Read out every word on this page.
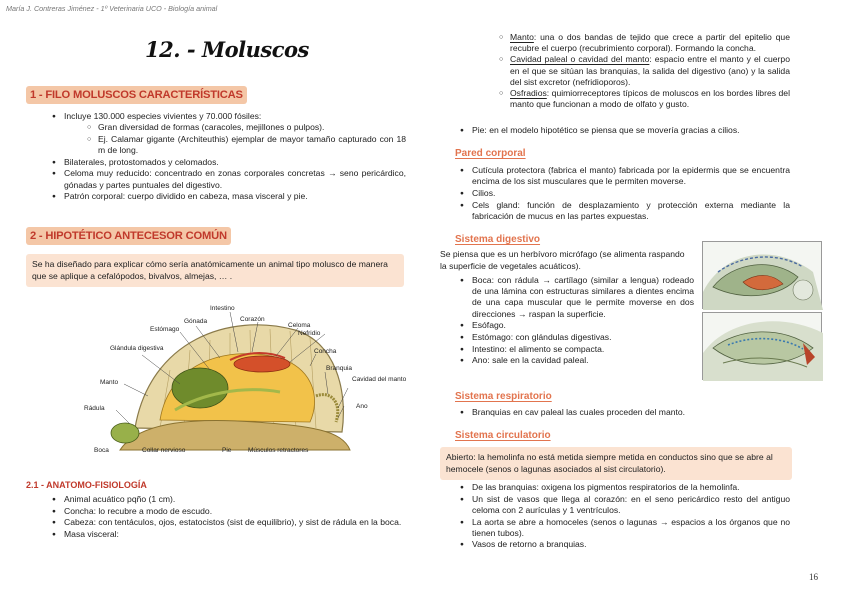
María J. Contreras Jiménez - 1º Veterinaria UCO - Biología animal
12. - Moluscos
1 - FILO MOLUSCOS CARACTERÍSTICAS
● Incluye 130.000 especies vivientes y 70.000 fósiles:
○ Gran diversidad de formas (caracoles, mejillones o pulpos).
○ Ej. Calamar gigante (Architeuthis) ejemplar de mayor tamaño capturado con 18 m de long.
● Bilaterales, protostomados y celomados.
● Celoma muy reducido: concentrado en zonas corporales concretas → seno pericárdico, gónadas y partes puntuales del digestivo.
● Patrón corporal: cuerpo dividido en cabeza, masa visceral y pie.
2 - HIPOTÉTICO ANTECESOR COMÚN
Se ha diseñado para explicar cómo sería anatómicamente un animal tipo molusco de manera que se aplique a cefalópodos, bivalvos, almejas, … .
Intestino
Gónada	Corazón
Celoma
Nefridio
Estómago
Glándula digestiva	Concha
Branquia
Manto	Cavidad del manto
Ano
Rádula
Boca	Collar nervioso	Pie	Músculos retractores
2.1 - ANATOMO-FISIOLOGÍA
● Animal acuático pqño (1 cm).
● Concha: lo recubre a modo de escudo.
● Cabeza: con tentáculos, ojos, estatocistos (sist de equilibrio), y sist de rádula en la boca.
● Masa visceral:
○ Manto: una o dos bandas de tejido que crece a partir del epitelio que recubre el cuerpo (recubrimiento corporal). Formando la concha.
○ Cavidad paleal o cavidad del manto: espacio entre el manto y el cuerpo en el que se sitúan las branquias, la salida del digestivo (ano) y la salida del sist excretor (nefridioporos).
○ Osfradios: quimiorreceptores típicos de moluscos en los bordes libres del manto que funcionan a modo de olfato y gusto.
● Pie: en el modelo hipotético se piensa que se movería gracias a cilios.
Pared corporal
● Cutícula protectora (fabrica el manto) fabricada por la epidermis que se encuentra encima de los sist musculares que le permiten moverse.
● Cilios.
● Cels gland: función de desplazamiento y protección externa mediante la fabricación de mucus en las partes expuestas.
Sistema digestivo
Se piensa que es un herbívoro micrófago (se alimenta raspando la superficie de vegetales acuáticos).
● Boca: con rádula → cartílago (similar a lengua) rodeado de una lámina con estructuras similares a dientes encima de una capa muscular que le permite moverse en dos direcciones → raspan la superficie.
● Esófago.
● Estómago: con glándulas digestivas.
● Intestino: el alimento se compacta.
● Ano: sale en la cavidad paleal.
Sistema respiratorio
● Branquias en cav paleal las cuales proceden del manto.
Sistema circulatorio
Abierto: la hemolinfa no está metida siempre metida en conductos sino que se abre al hemocele (senos o lagunas asociados al sist circulatorio).
● De las branquias: oxigena los pigmentos respiratorios de la hemolinfa.
● Un sist de vasos que llega al corazón: en el seno pericárdico resto del antiguo celoma con 2 aurículas y 1 ventrículos.
● La aorta se abre a homoceles (senos o lagunas → espacios a los órganos que no tienen tubos).
● Vasos de retorno a branquias.
16
